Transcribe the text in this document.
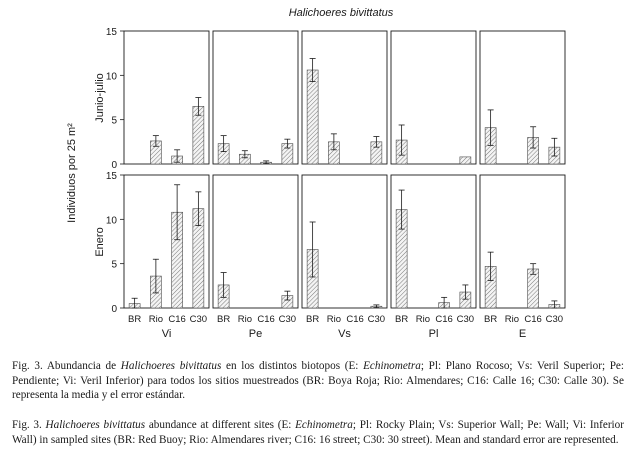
Halichoeres bivittatus
Individuos por 25 m²
Junio-julio
Enero
0
5
10
15
0
5
10
15
BR Rio C16 C30
Vi
BR Rio C16 C30
Pe
BR Rio C16 C30
Vs
BR Rio C16 C30
Pl
BR Rio C16 C30
E

Fig. 3. Abundancia de Halichoeres bivittatus en los distintos biotopos (E: Echinometra; Pl: Plano Rocoso; Vs: Veril Superior; Pe: Pendiente; Vi: Veril Inferior) para todos los sitios muestreados (BR: Boya Roja; Rio: Almendares; C16: Calle 16; C30: Calle 30). Se representa la media y el error estándar.

Fig. 3. Halichoeres bivittatus abundance at different sites (E: Echinometra; Pl: Rocky Plain; Vs: Superior Wall; Pe: Wall; Vi: Inferior Wall) in sampled sites (BR: Red Buoy; Rio: Almendares river; C16: 16 street; C30: 30 street). Mean and standard error are represented.
